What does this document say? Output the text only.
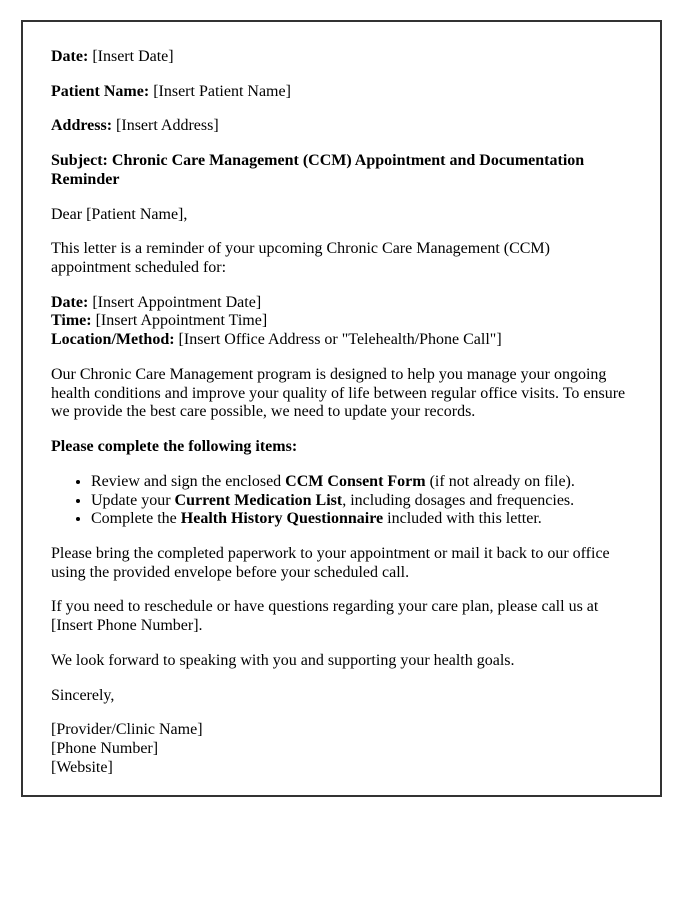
Date: [Insert Date]

Patient Name: [Insert Patient Name]

Address: [Insert Address]

Subject: Chronic Care Management (CCM) Appointment and Documentation Reminder

Dear [Patient Name],

This letter is a reminder of your upcoming Chronic Care Management (CCM) appointment scheduled for:

Date: [Insert Appointment Date]
Time: [Insert Appointment Time]
Location/Method: [Insert Office Address or "Telehealth/Phone Call"]

Our Chronic Care Management program is designed to help you manage your ongoing health conditions and improve your quality of life between regular office visits. To ensure we provide the best care possible, we need to update your records.

Please complete the following items:

• Review and sign the enclosed CCM Consent Form (if not already on file).
• Update your Current Medication List, including dosages and frequencies.
• Complete the Health History Questionnaire included with this letter.

Please bring the completed paperwork to your appointment or mail it back to our office using the provided envelope before your scheduled call.

If you need to reschedule or have questions regarding your care plan, please call us at [Insert Phone Number].

We look forward to speaking with you and supporting your health goals.

Sincerely,

[Provider/Clinic Name]
[Phone Number]
[Website]
